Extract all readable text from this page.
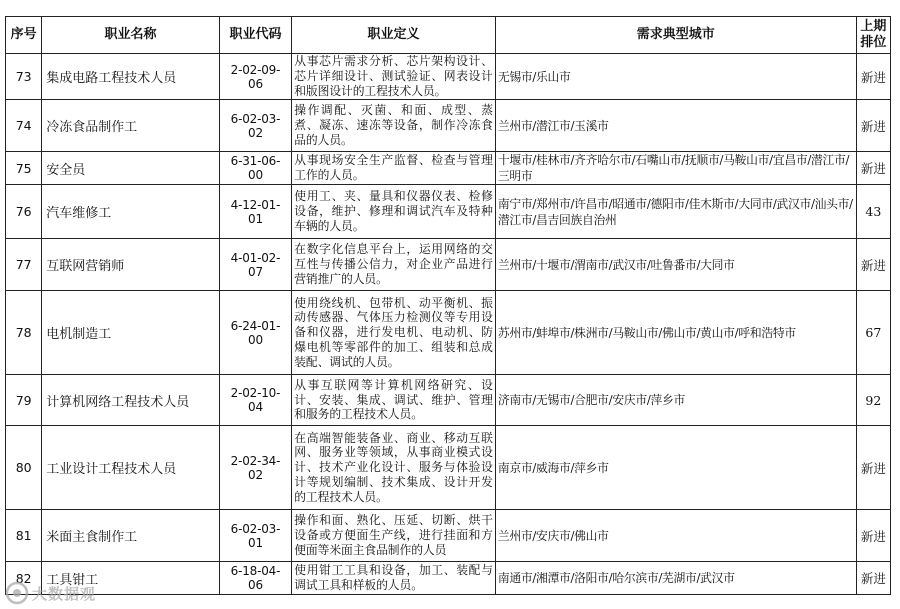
序号	职业名称	职业代码	职业定义	需求典型城市	上期
排位
73	集成电路工程技术人员	2-02-09-06	从事芯片需求分析、芯片架构设计、芯片详细设计、测试验证、网表设计和版图设计的工程技术人员。	无锡市/乐山市	新进
74	冷冻食品制作工	6-02-03-02	操作调配、灭菌、和面、成型、蒸煮、凝冻、速冻等设备，制作冷冻食品的人员。	兰州市/潜江市/玉溪市	新进
75	安全员	6-31-06-00	从事现场安全生产监督、检查与管理工作的人员。	十堰市/桂林市/齐齐哈尔市/石嘴山市/抚顺市/马鞍山市/宜昌市/潜江市/三明市	新进
76	汽车维修工	4-12-01-01	使用工、夹、量具和仪器仪表、检修设备，维护、修理和调试汽车及特种车辆的人员。	南宁市/郑州市/许昌市/昭通市/德阳市/佳木斯市/大同市/武汉市/汕头市/潜江市/昌吉回族自治州	43
77	互联网营销师	4-01-02-07	在数字化信息平台上，运用网络的交互性与传播公信力，对企业产品进行营销推广的人员。	兰州市/十堰市/渭南市/武汉市/吐鲁番市/大同市	新进
78	电机制造工	6-24-01-00	使用绕线机、包带机、动平衡机、振动传感器、气体压力检测仪等专用设备和仪器，进行发电机、电动机、防爆电机等零部件的加工、组装和总成装配、调试的人员。	苏州市/蚌埠市/株洲市/马鞍山市/佛山市/黄山市/呼和浩特市	67
79	计算机网络工程技术人员	2-02-10-04	从事互联网等计算机网络研究、设计、安装、集成、调试、维护、管理和服务的工程技术人员。	济南市/无锡市/合肥市/安庆市/萍乡市	92
80	工业设计工程技术人员	2-02-34-02	在高端智能装备业、商业、移动互联网、服务业等领域，从事商业模式设计、技术产业化设计、服务与体验设计等规划编制、技术集成、设计开发的工程技术人员。	南京市/威海市/萍乡市	新进
81	米面主食制作工	6-02-03-01	操作和面、熟化、压延、切断、烘干设备或方便面生产线，进行挂面和方便面等米面主食品制作的人员	兰州市/安庆市/佛山市	新进
82	工具钳工	6-18-04-06	使用钳工工具和设备，加工、装配与调试工具和样板的人员。	南通市/湘潭市/洛阳市/哈尔滨市/芜湖市/武汉市	新进
大数据观
